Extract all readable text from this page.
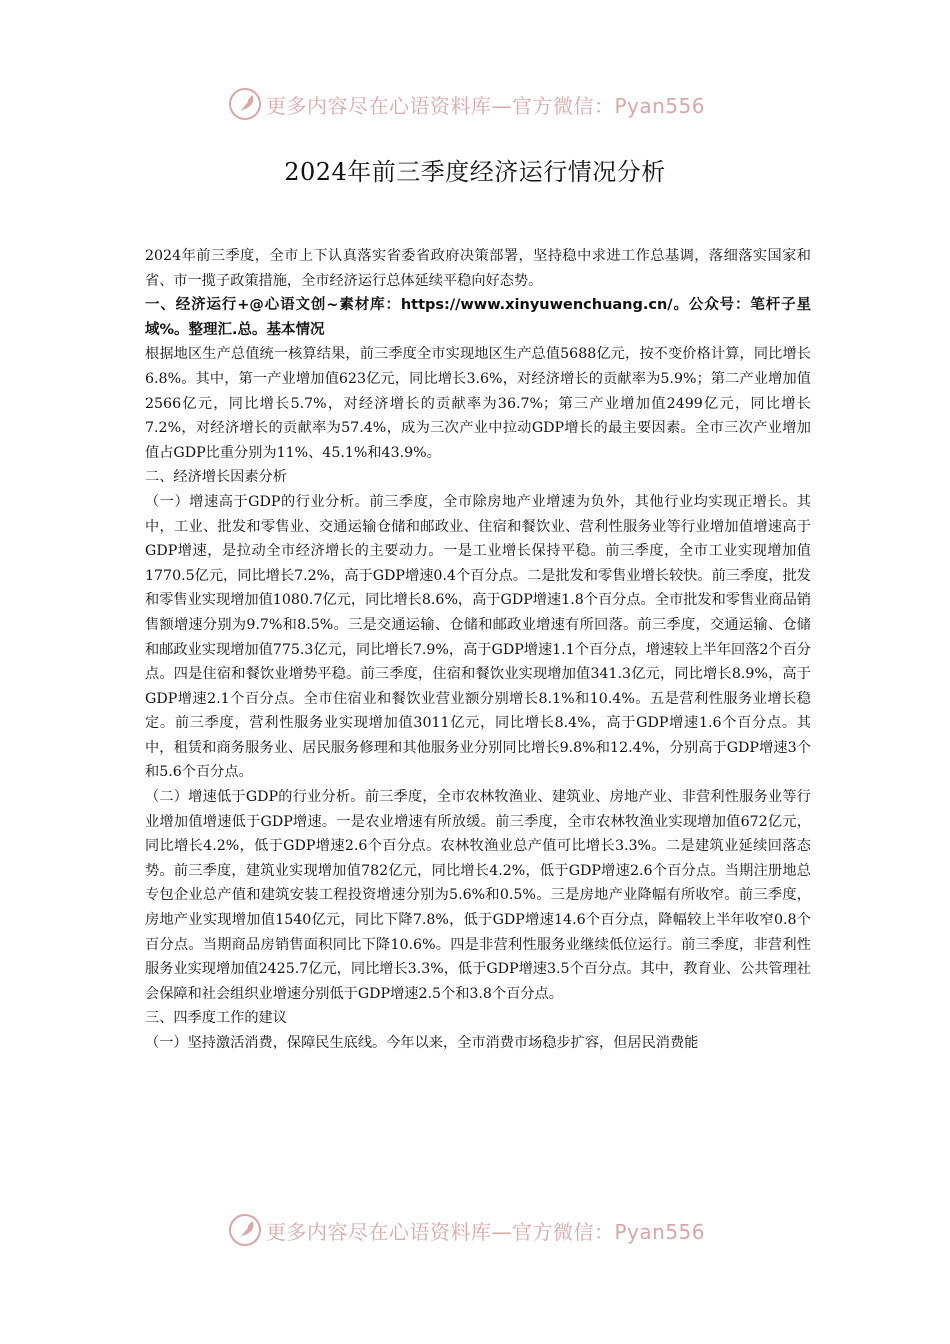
更多内容尽在心语资料库—官方微信：Pyan556
2024年前三季度经济运行情况分析

2024年前三季度，全市上下认真落实省委省政府决策部署，坚持稳中求进工作总基调，落细落实国家和省、市一揽子政策措施，全市经济运行总体延续平稳向好态势。

一、经济运行+@心语文创~素材库：https://www.xinyuwenchuang.cn/。公众号：笔杆子星域%。整理汇.总。基本情况

根据地区生产总值统一核算结果，前三季度全市实现地区生产总值5688亿元，按不变价格计算，同比增长6.8%。其中，第一产业增加值623亿元，同比增长3.6%，对经济增长的贡献率为5.9%；第二产业增加值2566亿元，同比增长5.7%，对经济增长的贡献率为36.7%；第三产业增加值2499亿元，同比增长7.2%，对经济增长的贡献率为57.4%，成为三次产业中拉动GDP增长的最主要因素。全市三次产业增加值占GDP比重分别为11%、45.1%和43.9%。

二、经济增长因素分析

（一）增速高于GDP的行业分析。前三季度，全市除房地产业增速为负外，其他行业均实现正增长。其中，工业、批发和零售业、交通运输仓储和邮政业、住宿和餐饮业、营利性服务业等行业增加值增速高于GDP增速，是拉动全市经济增长的主要动力。一是工业增长保持平稳。前三季度，全市工业实现增加值1770.5亿元，同比增长7.2%，高于GDP增速0.4个百分点。二是批发和零售业增长较快。前三季度，批发和零售业实现增加值1080.7亿元，同比增长8.6%，高于GDP增速1.8个百分点。全市批发和零售业商品销售额增速分别为9.7%和8.5%。三是交通运输、仓储和邮政业增速有所回落。前三季度，交通运输、仓储和邮政业实现增加值775.3亿元，同比增长7.9%，高于GDP增速1.1个百分点，增速较上半年回落2个百分点。四是住宿和餐饮业增势平稳。前三季度，住宿和餐饮业实现增加值341.3亿元，同比增长8.9%，高于GDP增速2.1个百分点。全市住宿业和餐饮业营业额分别增长8.1%和10.4%。五是营利性服务业增长稳定。前三季度，营利性服务业实现增加值3011亿元，同比增长8.4%，高于GDP增速1.6个百分点。其中，租赁和商务服务业、居民服务修理和其他服务业分别同比增长9.8%和12.4%，分别高于GDP增速3个和5.6个百分点。

（二）增速低于GDP的行业分析。前三季度，全市农林牧渔业、建筑业、房地产业、非营利性服务业等行业增加值增速低于GDP增速。一是农业增速有所放缓。前三季度，全市农林牧渔业实现增加值672亿元，同比增长4.2%，低于GDP增速2.6个百分点。农林牧渔业总产值可比增长3.3%。二是建筑业延续回落态势。前三季度，建筑业实现增加值782亿元，同比增长4.2%，低于GDP增速2.6个百分点。当期注册地总专包企业总产值和建筑安装工程投资增速分别为5.6%和0.5%。三是房地产业降幅有所收窄。前三季度，房地产业实现增加值1540亿元，同比下降7.8%，低于GDP增速14.6个百分点，降幅较上半年收窄0.8个百分点。当期商品房销售面积同比下降10.6%。四是非营利性服务业继续低位运行。前三季度，非营利性服务业实现增加值2425.7亿元，同比增长3.3%，低于GDP增速3.5个百分点。其中，教育业、公共管理社会保障和社会组织业增速分别低于GDP增速2.5个和3.8个百分点。

三、四季度工作的建议

（一）坚持激活消费，保障民生底线。今年以来，全市消费市场稳步扩容，但居民消费能

更多内容尽在心语资料库—官方微信：Pyan556
